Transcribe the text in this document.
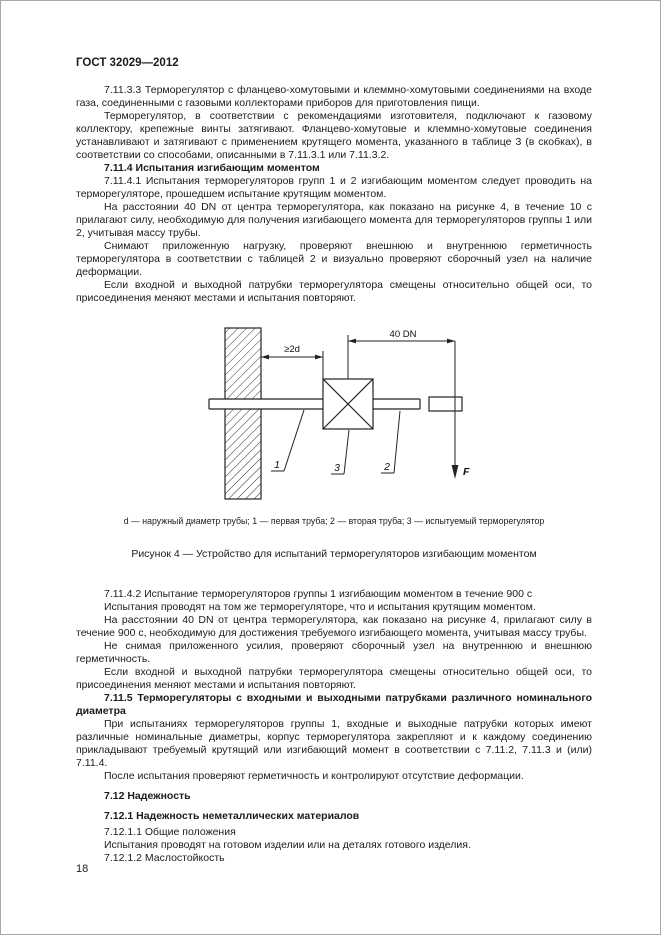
ГОСТ 32029—2012

7.11.3.3 Терморегулятор с фланцево-хомутовыми и клеммно-хомутовыми соединениями на входе газа, соединенными с газовыми коллекторами приборов для приготовления пищи.

Терморегулятор, в соответствии с рекомендациями изготовителя, подключают к газовому коллектору, крепежные винты затягивают. Фланцево-хомутовые и клеммно-хомутовые соединения устанавливают и затягивают с применением крутящего момента, указанного в таблице 3 (в скобках), в соответствии со способами, описанными в 7.11.3.1 или 7.11.3.2.

7.11.4 Испытания изгибающим моментом

7.11.4.1 Испытания терморегуляторов групп 1 и 2 изгибающим моментом следует проводить на терморегуляторе, прошедшем испытание крутящим моментом.

На расстоянии 40 DN от центра терморегулятора, как показано на рисунке 4, в течение 10 с прилагают силу, необходимую для получения изгибающего момента для терморегуляторов группы 1 или 2, учитывая массу трубы.

Снимают приложенную нагрузку, проверяют внешнюю и внутреннюю герметичность терморегулятора в соответствии с таблицей 2 и визуально проверяют сборочный узел на наличие деформации.

Если входной и выходной патрубки терморегулятора смещены относительно общей оси, то присоединения меняют местами и испытания повторяют.

≥2d
40 DN
F
1	3	2
d — наружный диаметр трубы; 1 — первая труба; 2 — вторая труба; 3 — испытуемый терморегулятор
Рисунок 4 — Устройство для испытаний терморегуляторов изгибающим моментом

7.11.4.2 Испытание терморегуляторов группы 1 изгибающим моментом в течение 900 с

Испытания проводят на том же терморегуляторе, что и испытания крутящим моментом.

На расстоянии 40 DN от центра терморегулятора, как показано на рисунке 4, прилагают силу в течение 900 с, необходимую для достижения требуемого изгибающего момента, учитывая массу трубы.

Не снимая приложенного усилия, проверяют сборочный узел на внутреннюю и внешнюю герметичность.

Если входной и выходной патрубки терморегулятора смещены относительно общей оси, то присоединения меняют местами и испытания повторяют.

7.11.5 Терморегуляторы с входными и выходными патрубками различного номинального диаметра

При испытаниях терморегуляторов группы 1, входные и выходные патрубки которых имеют различные номинальные диаметры, корпус терморегулятора закрепляют и к каждому соединению прикладывают требуемый крутящий или изгибающий момент в соответствии с 7.11.2, 7.11.3 и (или) 7.11.4.

После испытания проверяют герметичность и контролируют отсутствие деформации.

7.12 Надежность

7.12.1 Надежность неметаллических материалов

7.12.1.1 Общие положения

Испытания проводят на готовом изделии или на деталях готового изделия.

7.12.1.2 Маслостойкость

18
